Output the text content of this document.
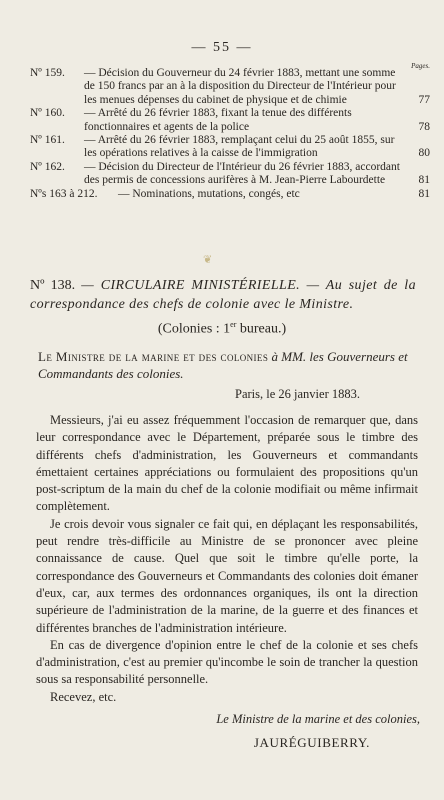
— 55 —
Pages.
Nº 159.	— Décision du Gouverneur du 24 février 1883, mettant une somme de 150 francs par an à la disposition du Directeur de l'Intérieur pour les menues dépenses du cabinet de physique et de chimie	77
Nº 160.	— Arrêté du 26 février 1883, fixant la tenue des différents fonctionnaires et agents de la police	78
Nº 161.	— Arrêté du 26 février 1883, remplaçant celui du 25 août 1855, sur les opérations relatives à la caisse de l'immigration	80
Nº 162.	— Décision du Directeur de l'Intérieur du 26 février 1883, accordant des permis de concessions aurifères à M. Jean-Pierre Labourdette	81
Nºs 163 à 212.	— Nominations, mutations, congés, etc	81
❦
Nº 138. — CIRCULAIRE MINISTÉRIELLE. — Au sujet de la correspondance des chefs de colonie avec le Ministre.
(Colonies : 1er bureau.)
Le Ministre de la marine et des colonies à MM. les Gouverneurs et Commandants des colonies.
Paris, le 26 janvier 1883.

Messieurs, j'ai eu assez fréquemment l'occasion de remarquer que, dans leur correspondance avec le Département, préparée sous le timbre des différents chefs d'administration, les Gouverneurs et commandants émettaient certaines appréciations ou formulaient des propositions qu'un post-scriptum de la main du chef de la colonie modifiait ou même infirmait complètement.

Je crois devoir vous signaler ce fait qui, en déplaçant les responsabilités, peut rendre très-difficile au Ministre de se prononcer avec pleine connaissance de cause. Quel que soit le timbre qu'elle porte, la correspondance des Gouverneurs et Commandants des colonies doit émaner d'eux, car, aux termes des ordonnances organiques, ils ont la direction supérieure de l'administration de la marine, de la guerre et des finances et différentes branches de l'administration intérieure.

En cas de divergence d'opinion entre le chef de la colonie et ses chefs d'administration, c'est au premier qu'incombe le soin de trancher la question sous sa responsabilité personnelle.

Recevez, etc.

Le Ministre de la marine et des colonies,
JAURÉGUIBERRY.
